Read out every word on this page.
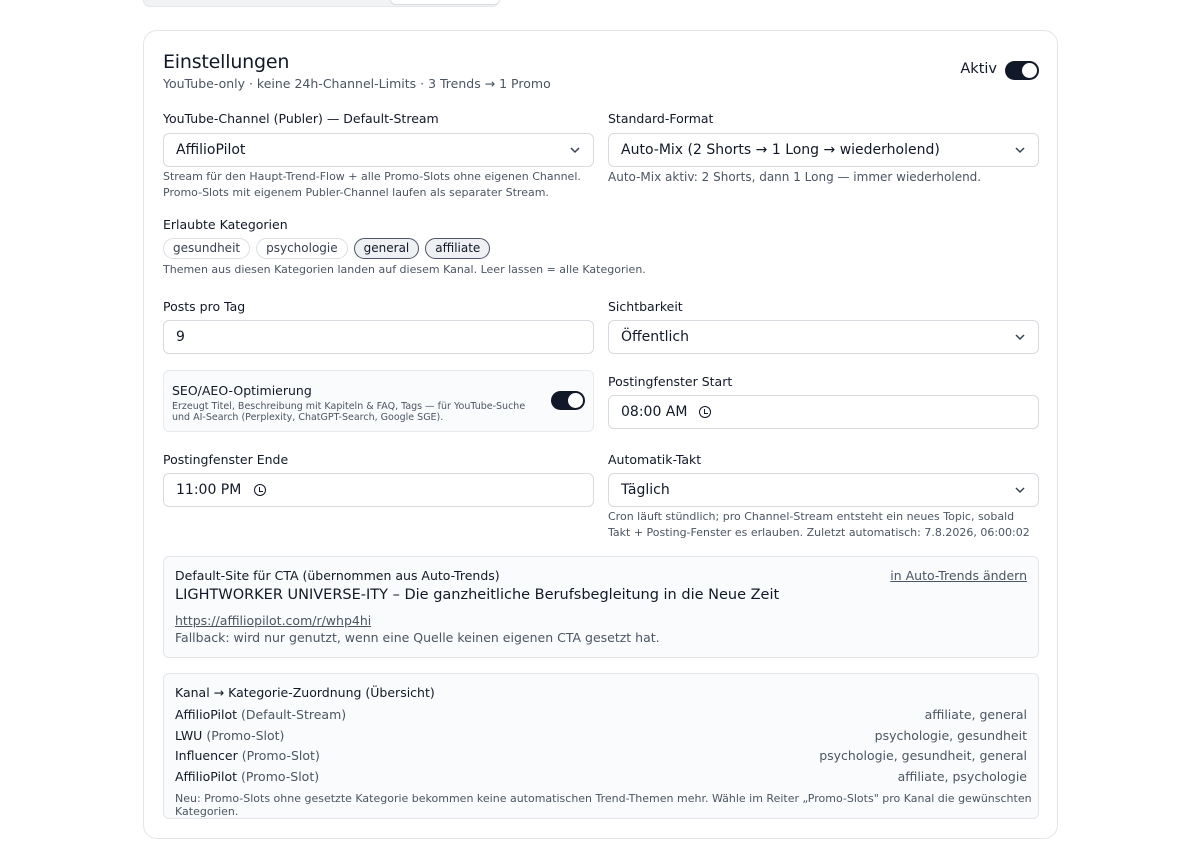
Einstellungen
YouTube-only · keine 24h-Channel-Limits · 3 Trends → 1 Promo
Aktiv
YouTube-Channel (Publer) — Default-Stream
AffilioPilot
Stream für den Haupt-Trend-Flow + alle Promo-Slots ohne eigenen Channel. Promo-Slots mit eigenem Publer-Channel laufen als separater Stream.
Standard-Format
Auto-Mix (2 Shorts → 1 Long → wiederholend)
Auto-Mix aktiv: 2 Shorts, dann 1 Long — immer wiederholend.
Erlaubte Kategorien
gesundheit	psychologie	general	affiliate
Themen aus diesen Kategorien landen auf diesem Kanal. Leer lassen = alle Kategorien.
Posts pro Tag
9
Sichtbarkeit
Öffentlich
SEO/AEO-Optimierung
Erzeugt Titel, Beschreibung mit Kapiteln & FAQ, Tags — für YouTube-Suche und AI-Search (Perplexity, ChatGPT-Search, Google SGE).
Postingfenster Start
08:00 AM
Postingfenster Ende
11:00 PM
Automatik-Takt
Täglich
Cron läuft stündlich; pro Channel-Stream entsteht ein neues Topic, sobald Takt + Posting-Fenster es erlauben. Zuletzt automatisch: 7.8.2026, 06:00:02
Default-Site für CTA (übernommen aus Auto-Trends)	in Auto-Trends ändern
LIGHTWORKER UNIVERSE-ITY – Die ganzheitliche Berufsbegleitung in die Neue Zeit
https://affiliopilot.com/r/whp4hi
Fallback: wird nur genutzt, wenn eine Quelle keinen eigenen CTA gesetzt hat.
Kanal → Kategorie-Zuordnung (Übersicht)
AffilioPilot (Default-Stream)	affiliate, general
LWU (Promo-Slot)	psychologie, gesundheit
Influencer (Promo-Slot)	psychologie, gesundheit, general
AffilioPilot (Promo-Slot)	affiliate, psychologie
Neu: Promo-Slots ohne gesetzte Kategorie bekommen keine automatischen Trend-Themen mehr. Wähle im Reiter „Promo-Slots" pro Kanal die gewünschten Kategorien.
